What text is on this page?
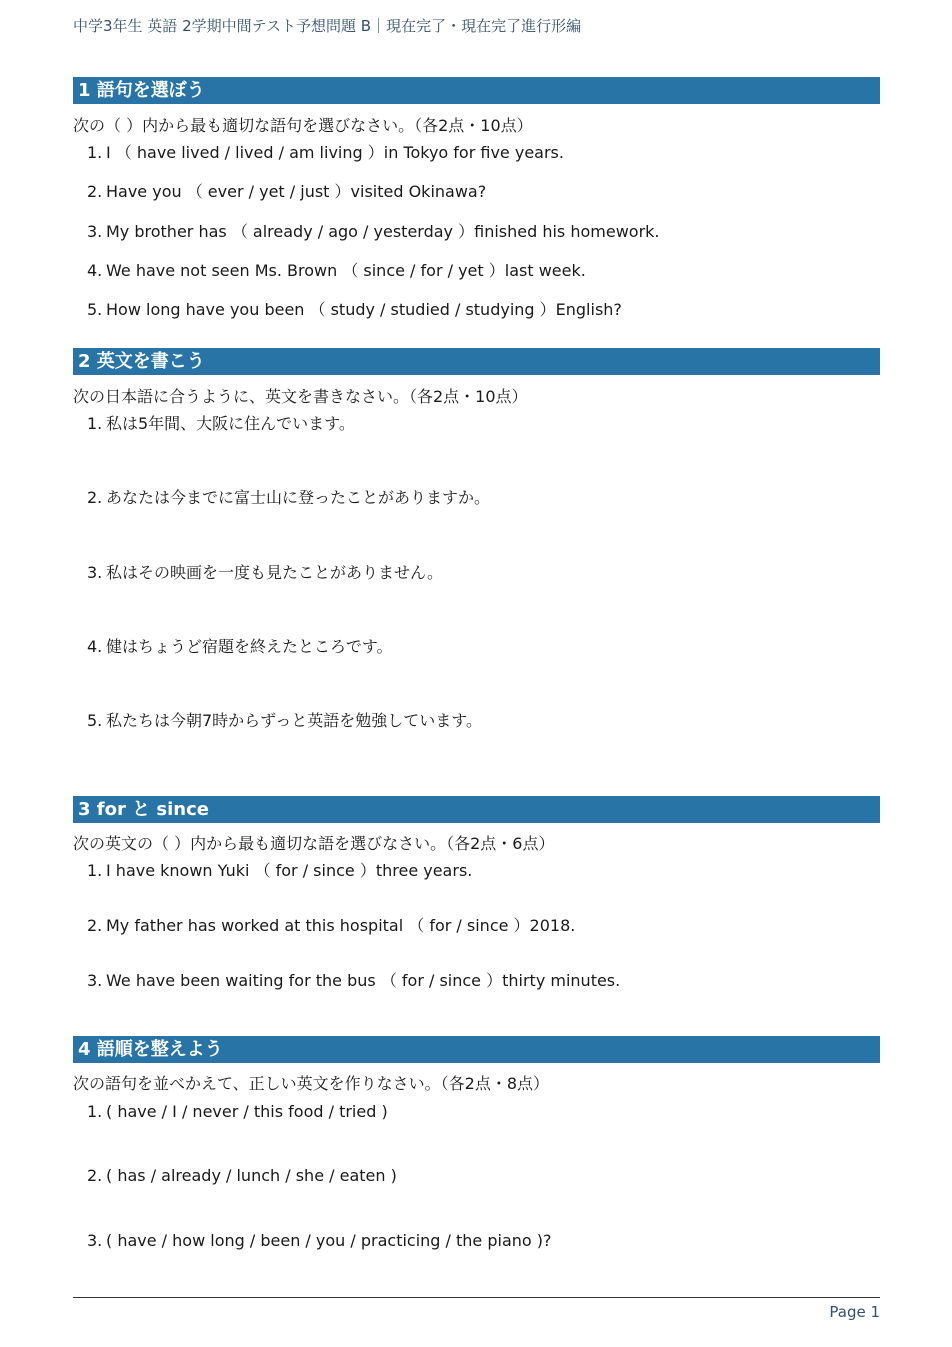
中学3年生 英語 2学期中間テスト予想問題 B｜現在完了・現在完了進行形編
1 語句を選ぼう
次の（ ）内から最も適切な語句を選びなさい。（各2点・10点）
1. I （ have lived / lived / am living ）in Tokyo for five years.
2. Have you （ ever / yet / just ）visited Okinawa?
3. My brother has （ already / ago / yesterday ）finished his homework.
4. We have not seen Ms. Brown （ since / for / yet ）last week.
5. How long have you been （ study / studied / studying ）English?
2 英文を書こう
次の日本語に合うように、英文を書きなさい。（各2点・10点）
1. 私は5年間、大阪に住んでいます。
2. あなたは今までに富士山に登ったことがありますか。
3. 私はその映画を一度も見たことがありません。
4. 健はちょうど宿題を終えたところです。
5. 私たちは今朝7時からずっと英語を勉強しています。
3 for と since
次の英文の（ ）内から最も適切な語を選びなさい。（各2点・6点）
1. I have known Yuki （ for / since ）three years.
2. My father has worked at this hospital （ for / since ）2018.
3. We have been waiting for the bus （ for / since ）thirty minutes.
4 語順を整えよう
次の語句を並べかえて、正しい英文を作りなさい。（各2点・8点）
1. ( have / I / never / this food / tried )
2. ( has / already / lunch / she / eaten )
3. ( have / how long / been / you / practicing / the piano )?
Page 1
